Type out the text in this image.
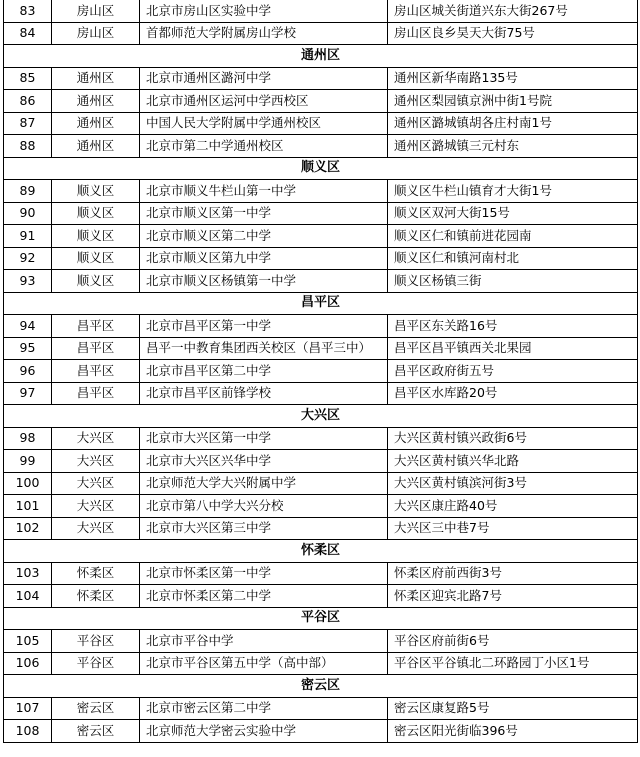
83	房山区	北京市房山区实验中学	房山区城关街道兴东大街267号
84	房山区	首都师范大学附属房山学校	房山区良乡昊天大街75号
通州区			
85	通州区	北京市通州区潞河中学	通州区新华南路135号
86	通州区	北京市通州区运河中学西校区	通州区梨园镇京洲中街1号院
87	通州区	中国人民大学附属中学通州校区	通州区潞城镇胡各庄村南1号
88	通州区	北京市第二中学通州校区	通州区潞城镇三元村东
顺义区			
89	顺义区	北京市顺义牛栏山第一中学	顺义区牛栏山镇育才大街1号
90	顺义区	北京市顺义区第一中学	顺义区双河大街15号
91	顺义区	北京市顺义区第二中学	顺义区仁和镇前进花园南
92	顺义区	北京市顺义区第九中学	顺义区仁和镇河南村北
93	顺义区	北京市顺义区杨镇第一中学	顺义区杨镇三街
昌平区			
94	昌平区	北京市昌平区第一中学	昌平区东关路16号
95	昌平区	昌平一中教育集团西关校区（昌平三中）	昌平区昌平镇西关北果园
96	昌平区	北京市昌平区第二中学	昌平区政府街五号
97	昌平区	北京市昌平区前锋学校	昌平区水库路20号
大兴区			
98	大兴区	北京市大兴区第一中学	大兴区黄村镇兴政街6号
99	大兴区	北京市大兴区兴华中学	大兴区黄村镇兴华北路
100	大兴区	北京师范大学大兴附属中学	大兴区黄村镇滨河街3号
101	大兴区	北京市第八中学大兴分校	大兴区康庄路40号
102	大兴区	北京市大兴区第三中学	大兴区三中巷7号
怀柔区			
103	怀柔区	北京市怀柔区第一中学	怀柔区府前西街3号
104	怀柔区	北京市怀柔区第二中学	怀柔区迎宾北路7号
平谷区			
105	平谷区	北京市平谷中学	平谷区府前街6号
106	平谷区	北京市平谷区第五中学（高中部）	平谷区平谷镇北二环路园丁小区1号
密云区			
107	密云区	北京市密云区第二中学	密云区康复路5号
108	密云区	北京师范大学密云实验中学	密云区阳光街临396号
